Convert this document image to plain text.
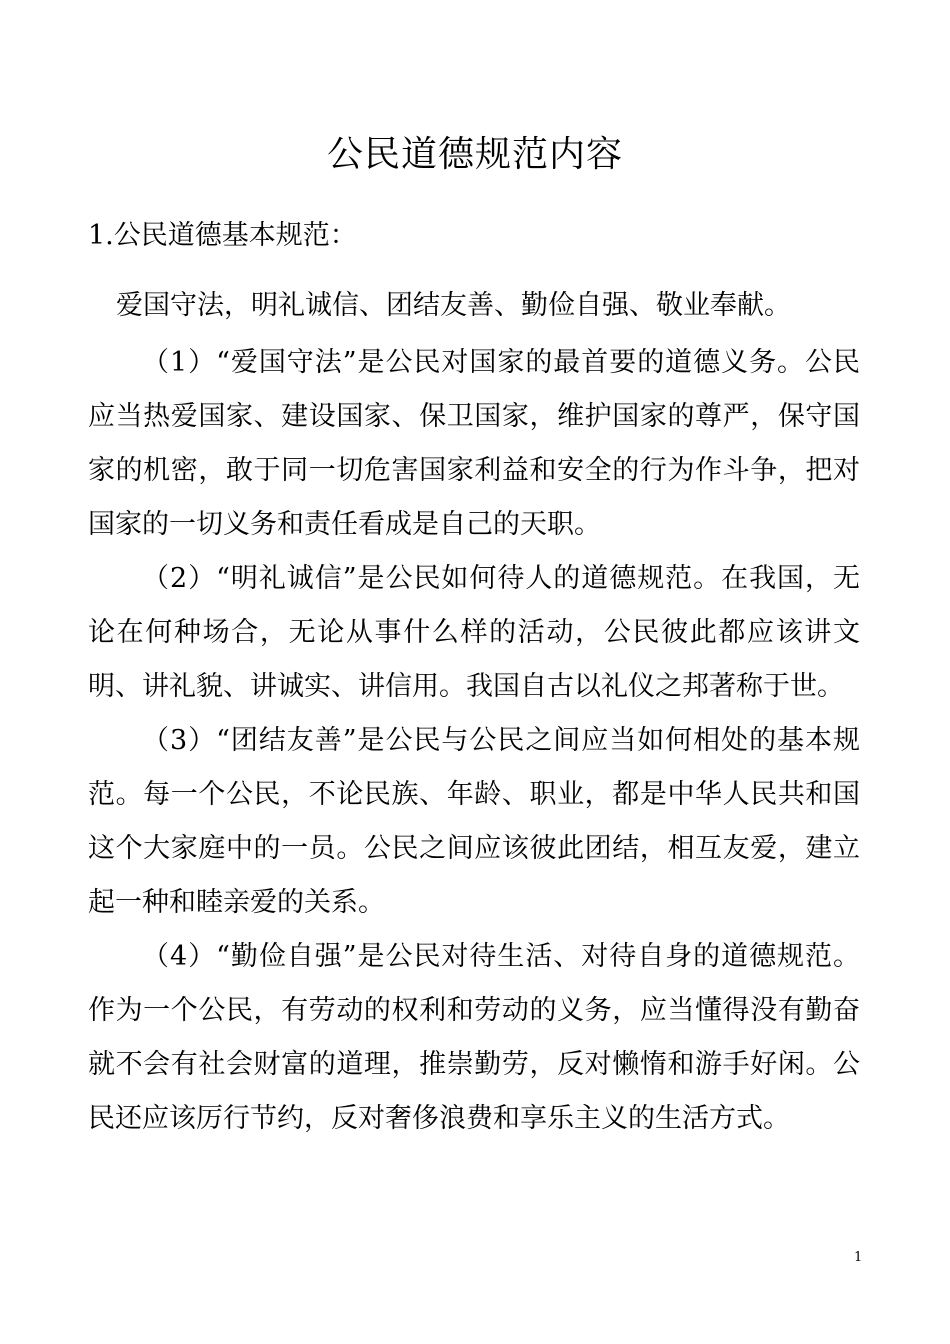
公民道德规范内容
1.公民道德基本规范：
爱国守法，明礼诚信、团结友善、勤俭自强、敬业奉献。

（1）“爱国守法”是公民对国家的最首要的道德义务。公民应当热爱国家、建设国家、保卫国家，维护国家的尊严，保守国家的机密，敢于同一切危害国家利益和安全的行为作斗争，把对国家的一切义务和责任看成是自己的天职。

（2）“明礼诚信”是公民如何待人的道德规范。在我国，无论在何种场合，无论从事什么样的活动，公民彼此都应该讲文明、讲礼貌、讲诚实、讲信用。我国自古以礼仪之邦著称于世。

（3）“团结友善”是公民与公民之间应当如何相处的基本规范。每一个公民，不论民族、年龄、职业，都是中华人民共和国这个大家庭中的一员。公民之间应该彼此团结，相互友爱，建立起一种和睦亲爱的关系。

（4）“勤俭自强”是公民对待生活、对待自身的道德规范。作为一个公民，有劳动的权利和劳动的义务，应当懂得没有勤奋就不会有社会财富的道理，推崇勤劳，反对懒惰和游手好闲。公民还应该厉行节约，反对奢侈浪费和享乐主义的生活方式。

1
